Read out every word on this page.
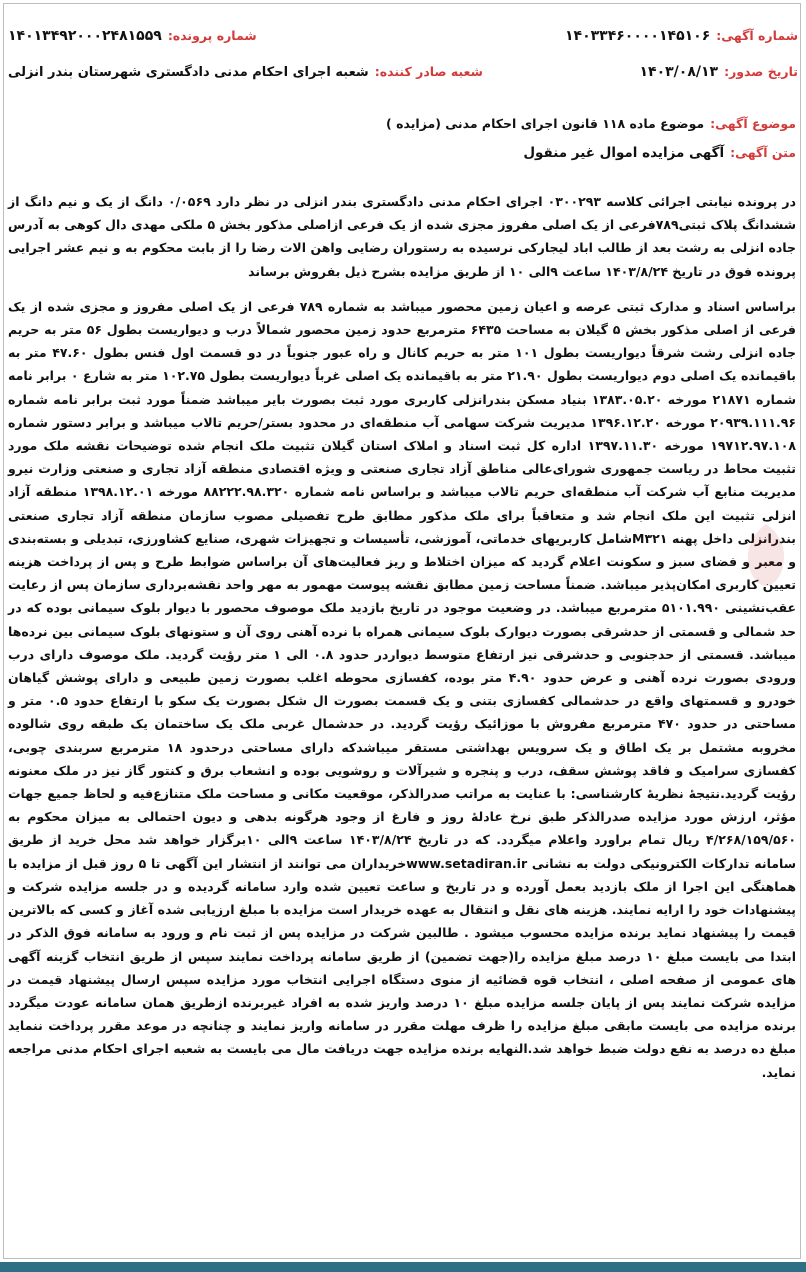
شماره آگهی:
۱۴۰۳۳۴۶۰۰۰۰۱۴۵۱۰۶
شماره پرونده:
۱۴۰۱۳۴۹۲۰۰۰۲۴۸۱۵۵۹
تاریخ صدور:
۱۴۰۳/۰۸/۱۳
شعبه صادر کننده:
شعبه اجرای احکام مدنی دادگستری شهرستان بندر انزلی
موضوع آگهی:
موضوع ماده ۱۱۸ قانون اجرای احکام مدنی (مزایده )
متن آگهی:
آگهی مزایده اموال غیر منقول

در پرونده نیابتی اجرائی کلاسه ۰۳۰۰۲۹۳ اجرای احکام مدنی دادگستری بندر انزلی در نظر دارد ۰/۰۵۶۹ دانگ از یک و نیم دانگ از ششدانگ پلاک ثبتی۷۸۹فرعی از یک اصلی مفروز مجزی شده از یک فرعی ازاصلی مذکور بخش ۵ ملکی مهدی دال کوهی به آدرس جاده انزلی به رشت بعد از طالب اباد لیجارکی نرسیده به رستوران رضایی واهن الات رضا را از بابت محکوم به و نیم عشر اجرایی پرونده فوق در تاریخ ۱۴۰۳/۸/۲۴ ساعت ۹الی ۱۰ از طریق مزایده بشرح ذیل بفروش برساند

براساس اسناد و مدارک ثبتی عرصه و اعیان زمین محصور میباشد به شماره ۷۸۹ فرعی از یک اصلی مفروز و مجزی شده از یک فرعی از اصلی مذکور بخش ۵ گیلان به مساحت ۶۴۳۵ مترمربع حدود زمین محصور شمالاً درب و دیواریست بطول ۵۶ متر به حریم جاده انزلی رشت شرقاً دیواریست بطول ۱۰۱ متر به حریم کانال و راه عبور جنوباً در دو قسمت اول فنس بطول ۴۷.۶۰ متر به باقیمانده یک اصلی دوم دیواریست بطول ۲۱.۹۰ متر به باقیمانده یک اصلی غرباً دیواریست بطول ۱۰۲.۷۵ متر به شارع ۰ برابر نامه شماره ۲۱۸۷۱ مورخه ۱۳۸۳.۰۵.۲۰ بنیاد مسکن بندرانزلی کاربری مورد ثبت بصورت بایر میباشد ضمناً مورد ثبت برابر نامه شماره ۲۰۹۳۹.۱۱۱.۹۶ مورخه ۱۳۹۶.۱۲.۲۰ مدیریت شرکت سهامی آب منطقه‌ای در محدود بستر/حریم تالاب میباشد و برابر دستور شماره ۱۹۷۱۲.۹۷.۱۰۸ مورخه ۱۳۹۷.۱۱.۳۰ اداره کل ثبت اسناد و املاک استان گیلان تثبیت ملک انجام شده توضیحات نقشه ملک مورد تثبیت محاط در ریاست جمهوری شورای‌عالی مناطق آزاد تجاری صنعتی و ویژه اقتصادی منطقه آزاد تجاری و صنعتی وزارت نیرو مدیریت منابع آب شرکت آب منطقه‌ای حریم تالاب میباشد و براساس نامه شماره ۸۸۲۲۲.۹۸.۳۲۰ مورخه ۱۳۹۸.۱۲.۰۱ منطقه آزاد انزلی تثبیت این ملک انجام شد و متعاقباً برای ملک مذکور مطابق طرح تفصیلی مصوب سازمان منطقه آزاد تجاری صنعتی بندرانزلی داخل پهنه M۳۲۱شامل کاربریهای خدماتی، آموزشی، تأسیسات و تجهیزات شهری، صنایع کشاورزی، تبدیلی و بسته‌بندی و معبر و فضای سبز و سکونت اعلام گردید که میزان اختلاط و ریز فعالیت‌های آن براساس ضوابط طرح و پس از پرداخت هزینه تعیین کاربری امکان‌پذیر میباشد. ضمناً مساحت زمین مطابق نقشه پیوست مهمور به مهر واحد نقشه‌برداری سازمان پس از رعایت عقب‌نشینی ۵۱۰۱.۹۹۰ مترمربع میباشد. در وضعیت موجود در تاریخ بازدید ملک موصوف محصور با دیوار بلوک سیمانی بوده که در حد شمالی و قسمتی از حدشرقی بصورت دیوارک بلوک سیمانی همراه با نرده آهنی روی آن و ستونهای بلوک سیمانی بین نرده‌ها میباشد. قسمتی از حدجنوبی و حدشرقی نیز ارتفاع متوسط دیواردر حدود ۰.۸ الی ۱ متر رؤیت گردید. ملک موصوف دارای درب ورودی بصورت نرده آهنی و عرض حدود ۴.۹۰ متر بوده، کفسازی محوطه اغلب بصورت زمین طبیعی و دارای پوشش گیاهان خودرو و قسمتهای واقع در حدشمالی کفسازی بتنی و یک قسمت بصورت ال شکل بصورت یک سکو با ارتفاع حدود ۰.۵ متر و مساحتی در حدود ۴۷۰ مترمربع مفروش با موزائیک رؤیت گردید. در حدشمال غربی ملک یک ساختمان یک طبقه روی شالوده مخروبه مشتمل بر یک اطاق و یک سرویس بهداشتی مستقر میباشدکه دارای مساحتی درحدود ۱۸ مترمربع سربندی چوبی، کفسازی سرامیک و فاقد پوشش سقف، درب و پنجره و شیرآلات و روشویی بوده و انشعاب برق و کنتور گاز نیز در ملک معنونه رؤیت گردید.نتیجهٔ نظریهٔ کارشناسی: با عنایت به مراتب صدرالذکر، موقعیت مکانی و مساحت ملک متنازع‌فیه و لحاظ جمیع جهات مؤثر، ارزش مورد مزایده صدرالذکر طبق نرخ عادلهٔ روز و فارغ از وجود هرگونه بدهی و دیون احتمالی به میزان محکوم به ۴/۲۶۸/۱۵۹/۵۶۰ ریال تمام براورد واعلام میگردد. که در تاریخ ۱۴۰۳/۸/۲۴ ساعت ۹الی ۱۰برگزار خواهد شد محل خرید از طریق سامانه تدارکات الکترونیکی دولت به نشانی www.setadiran.irخریداران می توانند از انتشار این آگهی تا ۵ روز قبل از مزایده با هماهنگی این اجرا از ملک بازدید بعمل آورده و در تاریخ و ساعت تعیین شده وارد سامانه گردیده و در جلسه مزایده شرکت و پیشنهادات خود را ارایه نمایند. هزینه های نقل و انتقال به عهده خریدار است مزایده با مبلغ ارزیابی شده آغاز و کسی که بالاترین قیمت را پیشنهاد نماید برنده مزایده محسوب میشود . طالبین شرکت در مزایده پس از ثبت نام و ورود به سامانه فوق الذکر در ابتدا می بایست مبلغ ۱۰ درصد مبلغ مزایده را(جهت تضمین) از طریق سامانه پرداخت نمایند سپس از طریق انتخاب گزینه آگهی های عمومی از صفحه اصلی ، انتخاب قوه قضائیه از منوی دستگاه اجرایی انتخاب مورد مزایده سپس ارسال پیشنهاد قیمت در مزایده شرکت نمایند پس از پایان جلسه مزایده مبلغ ۱۰ درصد واریز شده به افراد غیربرنده ازطریق همان سامانه عودت میگردد برنده مزایده می بایست مابقی مبلغ مزایده را ظرف مهلت مقرر در سامانه واریز نمایند و چنانچه در موعد مقرر پرداخت ننماید مبلغ ده درصد به نفع دولت ضبط خواهد شد.النهایه برنده مزایده جهت دریافت مال می بایست به شعبه اجرای احکام مدنی مراجعه نماید.
